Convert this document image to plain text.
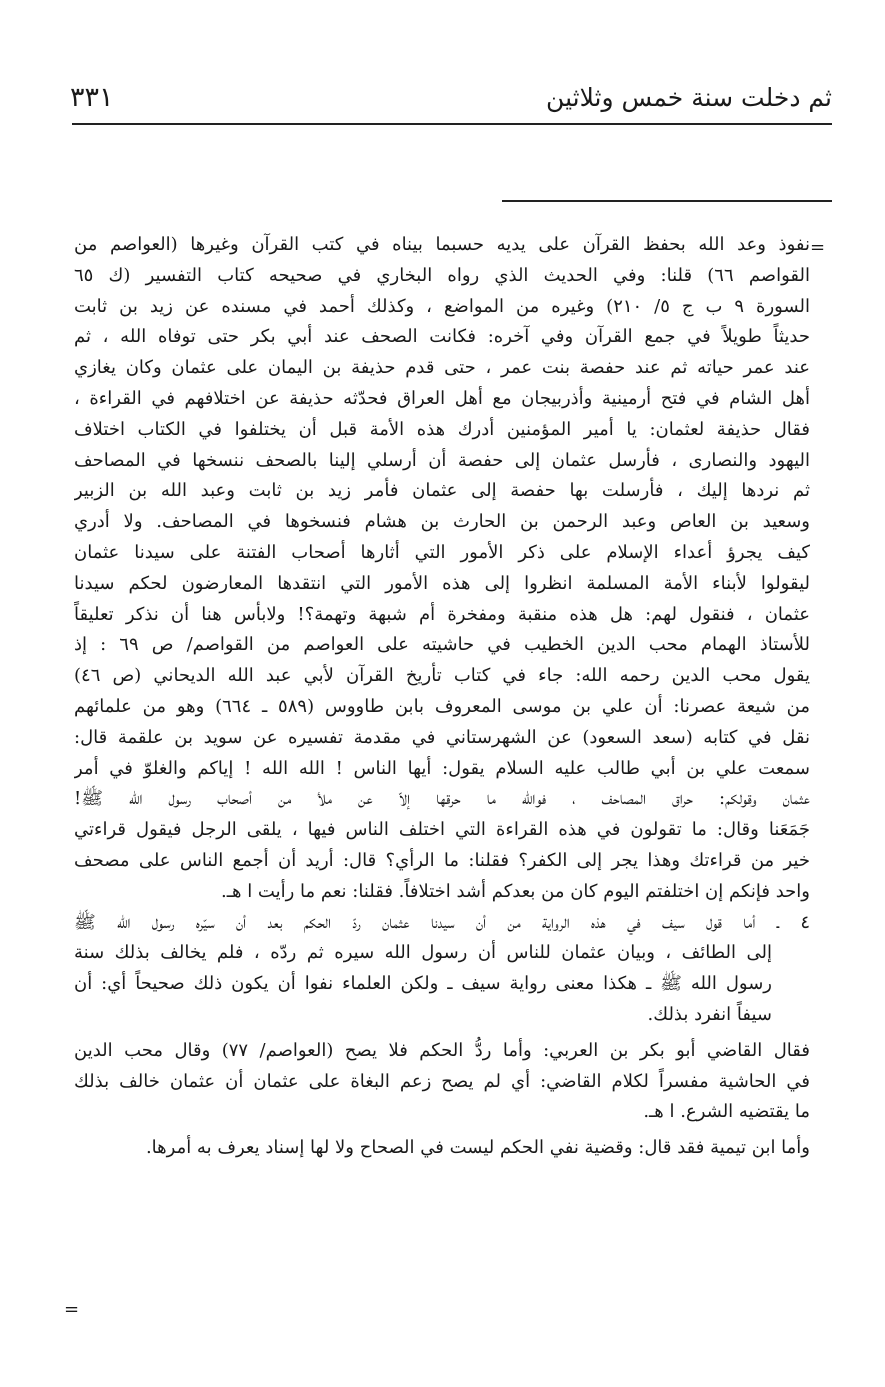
ثم دخلت سنة خمس وثلاثين
٣٣١
=
نفوذ وعد الله بحفظ القرآن على يديه حسبما بيناه في كتب القرآن وغيرها (العواصم من
القواصم ٦٦) قلنا: وفي الحديث الذي رواه البخاري في صحيحه كتاب التفسير (ك ٦٥
السورة ٩ ب ج ٥/ ٢١٠) وغيره من المواضع ، وكذلك أحمد في مسنده عن زيد بن ثابت
حديثاً طويلاً في جمع القرآن وفي آخره: فكانت الصحف عند أبي بكر حتى توفاه الله ، ثم
عند عمر حياته ثم عند حفصة بنت عمر ، حتى قدم حذيفة بن اليمان على عثمان وكان يغازي
أهل الشام في فتح أرمينية وأذربيجان مع أهل العراق فحدّثه حذيفة عن اختلافهم في القراءة ،
فقال حذيفة لعثمان: يا أمير المؤمنين أدرك هذه الأمة قبل أن يختلفوا في الكتاب اختلاف
اليهود والنصارى ، فأرسل عثمان إلى حفصة أن أرسلي إلينا بالصحف ننسخها في المصاحف
ثم نردها إليك ، فأرسلت بها حفصة إلى عثمان فأمر زيد بن ثابت وعبد الله بن الزبير
وسعيد بن العاص وعبد الرحمن بن الحارث بن هشام فنسخوها في المصاحف. ولا أدري
كيف يجرؤ أعداء الإسلام على ذكر الأمور التي أثارها أصحاب الفتنة على سيدنا عثمان
ليقولوا لأبناء الأمة المسلمة انظروا إلى هذه الأمور التي انتقدها المعارضون لحكم سيدنا
عثمان ، فنقول لهم: هل هذه منقبة ومفخرة أم شبهة وتهمة؟! ولابأس هنا أن نذكر تعليقاً
للأستاذ الهمام محب الدين الخطيب في حاشيته على العواصم من القواصم/ ص ٦٩ : إذ
يقول محب الدين رحمه الله: جاء في كتاب تأريخ القرآن لأبي عبد الله الديحاني (ص ٤٦)
من شيعة عصرنا: أن علي بن موسى المعروف بابن طاووس (٥٨٩ ـ ٦٦٤) وهو من علمائهم
نقل في كتابه (سعد السعود) عن الشهرستاني في مقدمة تفسيره عن سويد بن علقمة قال:
سمعت علي بن أبي طالب عليه السلام يقول: أيها الناس ! الله الله ! إياكم والغلوّ في أمر
عثمان وقولكم: حراق المصاحف ، فوالله ما حرقها إلاّ عن ملأ من أصحاب رسول الله ﷺ!
جَمَعَنا وقال: ما تقولون في هذه القراءة التي اختلف الناس فيها ، يلقى الرجل فيقول قراءتي
خير من قراءتك وهذا يجر إلى الكفر؟ فقلنا: ما الرأي؟ قال: أريد أن أجمع الناس على مصحف
واحد فإنكم إن اختلفتم اليوم كان من بعدكم أشد اختلافاً. فقلنا: نعم ما رأيت ا هـ.
٤ ـ أما قول سيف في هذه الرواية من أن سيدنا عثمان ردّ الحكم بعد أن سيّره رسول الله ﷺ
إلى الطائف ، وبيان عثمان للناس أن رسول الله سيره ثم ردّه ، فلم يخالف بذلك سنة
رسول الله ﷺ ـ هكذا معنى رواية سيف ـ ولكن العلماء نفوا أن يكون ذلك صحيحاً أي: أن
سيفاً انفرد بذلك.
فقال القاضي أبو بكر بن العربي: وأما ردُّ الحكم فلا يصح (العواصم/ ٧٧) وقال محب الدين
في الحاشية مفسراً لكلام القاضي: أي لم يصح زعم البغاة على عثمان أن عثمان خالف بذلك
ما يقتضيه الشرع. ا هـ.
وأما ابن تيمية فقد قال: وقضية نفي الحكم ليست في الصحاح ولا لها إسناد يعرف به أمرها.
=
